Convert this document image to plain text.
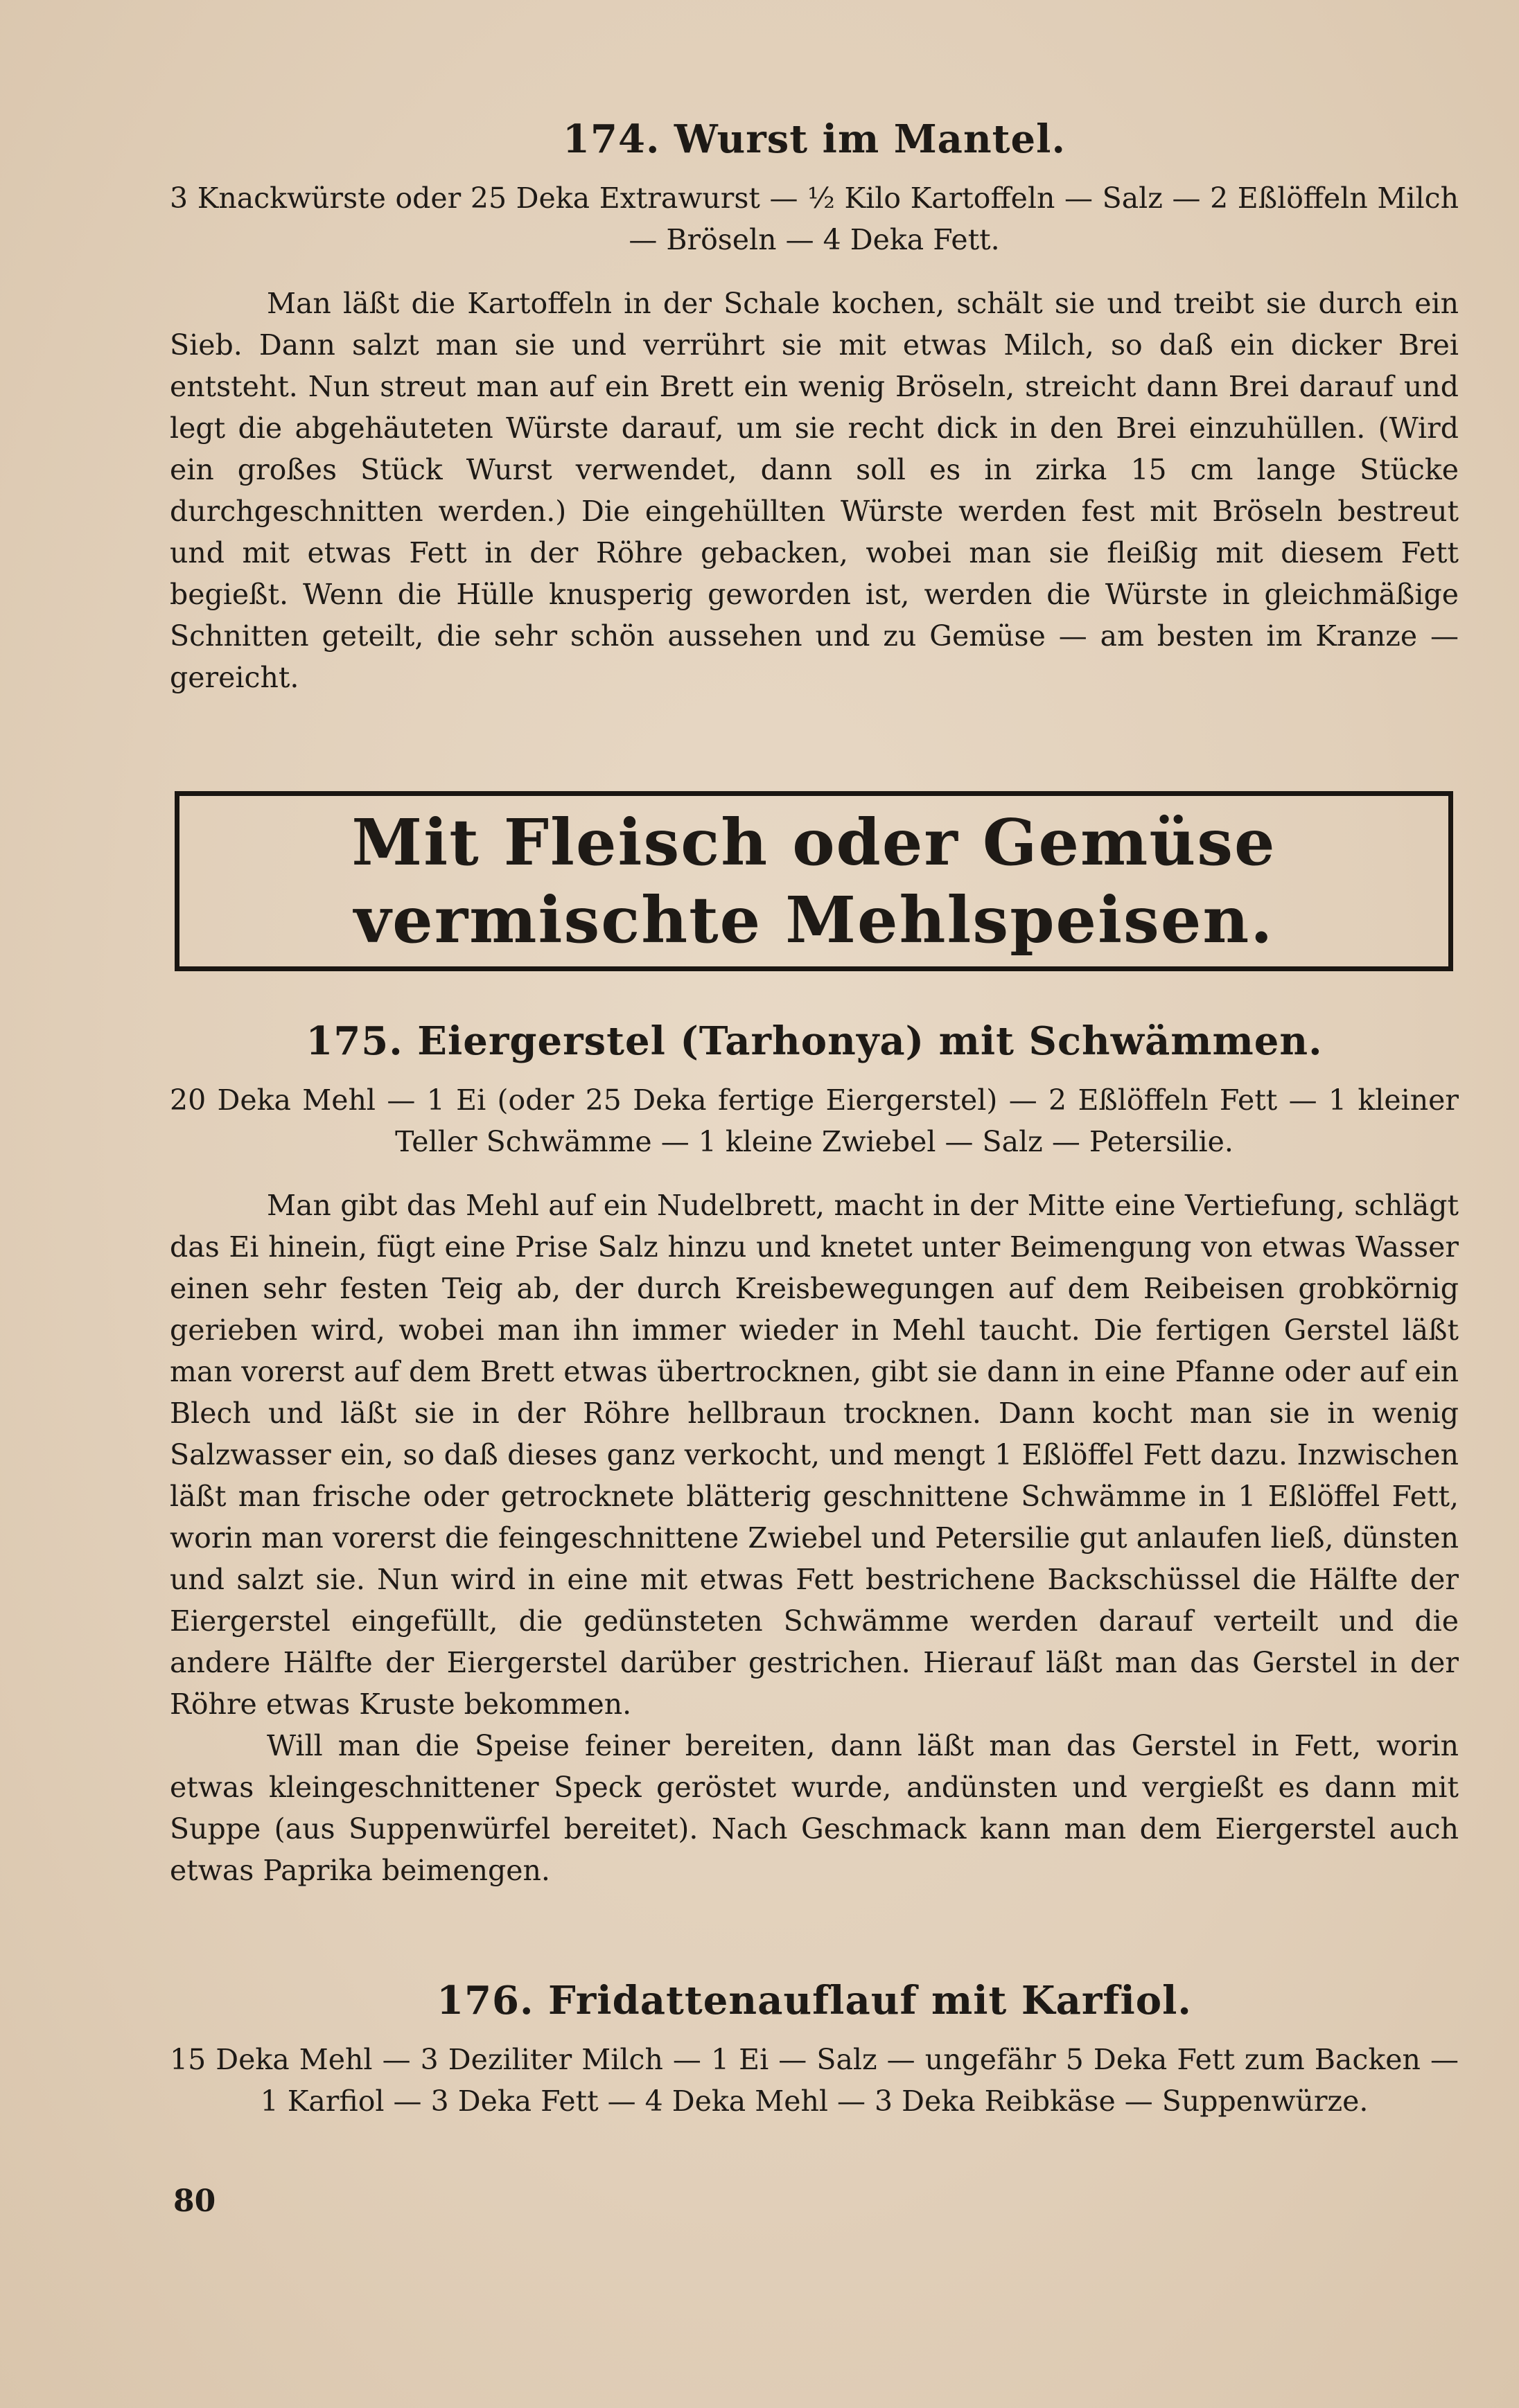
174. Wurst im Mantel.

3 Knackwürste oder 25 Deka Extrawurst — ½ Kilo Kartoffeln — Salz — 2 Eßlöffeln Milch — Bröseln — 4 Deka Fett.

Man läßt die Kartoffeln in der Schale kochen, schält sie und treibt sie durch ein Sieb. Dann salzt man sie und verrührt sie mit etwas Milch, so daß ein dicker Brei entsteht. Nun streut man auf ein Brett ein wenig Bröseln, streicht dann Brei darauf und legt die abgehäuteten Würste darauf, um sie recht dick in den Brei einzuhüllen. (Wird ein großes Stück Wurst verwendet, dann soll es in zirka 15 cm lange Stücke durchgeschnitten werden.) Die eingehüllten Würste werden fest mit Bröseln bestreut und mit etwas Fett in der Röhre gebacken, wobei man sie fleißig mit diesem Fett begießt. Wenn die Hülle knusperig geworden ist, werden die Würste in gleichmäßige Schnitten geteilt, die sehr schön aussehen und zu Gemüse — am besten im Kranze — gereicht.

Mit Fleisch oder Gemüse vermischte Mehlspeisen.
175. Eiergerstel (Tarhonya) mit Schwämmen.

20 Deka Mehl — 1 Ei (oder 25 Deka fertige Eiergerstel) — 2 Eßlöffeln Fett — 1 kleiner Teller Schwämme — 1 kleine Zwiebel — Salz — Petersilie.

Man gibt das Mehl auf ein Nudelbrett, macht in der Mitte eine Vertiefung, schlägt das Ei hinein, fügt eine Prise Salz hinzu und knetet unter Beimengung von etwas Wasser einen sehr festen Teig ab, der durch Kreisbewegungen auf dem Reibeisen grobkörnig gerieben wird, wobei man ihn immer wieder in Mehl taucht. Die fertigen Gerstel läßt man vorerst auf dem Brett etwas übertrocknen, gibt sie dann in eine Pfanne oder auf ein Blech und läßt sie in der Röhre hellbraun trocknen. Dann kocht man sie in wenig Salzwasser ein, so daß dieses ganz verkocht, und mengt 1 Eßlöffel Fett dazu. Inzwischen läßt man frische oder getrocknete blätterig geschnittene Schwämme in 1 Eßlöffel Fett, worin man vorerst die feingeschnittene Zwiebel und Petersilie gut anlaufen ließ, dünsten und salzt sie. Nun wird in eine mit etwas Fett bestrichene Backschüssel die Hälfte der Eiergerstel eingefüllt, die gedünsteten Schwämme werden darauf verteilt und die andere Hälfte der Eiergerstel darüber gestrichen. Hierauf läßt man das Gerstel in der Röhre etwas Kruste bekommen.

Will man die Speise feiner bereiten, dann läßt man das Gerstel in Fett, worin etwas kleingeschnittener Speck geröstet wurde, andünsten und vergießt es dann mit Suppe (aus Suppenwürfel bereitet). Nach Geschmack kann man dem Eiergerstel auch etwas Paprika beimengen.

176. Fridattenauflauf mit Karfiol.

15 Deka Mehl — 3 Deziliter Milch — 1 Ei — Salz — ungefähr 5 Deka Fett zum Backen — 1 Karfiol — 3 Deka Fett — 4 Deka Mehl — 3 Deka Reibkäse — Suppenwürze.

80
